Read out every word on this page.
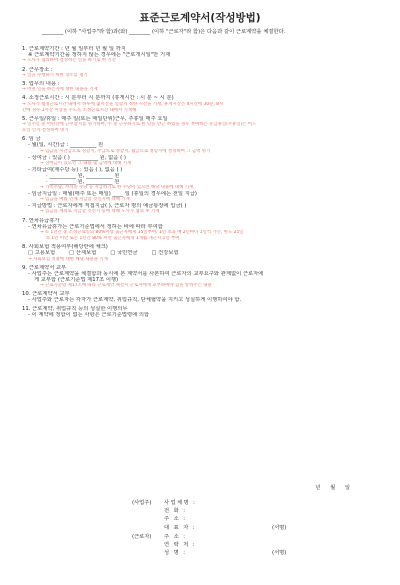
표준근로계약서(작성방법)
________ (이하 "사업주"라 함)과(와) ________ (이하 "근로자"라 함)은 다음과 같이 근로계약을 체결한다.
1. 근로계약기간 : 년 월 일부터 년 월 일 까지
※ 근로계약기간을 정하지 않는 경우에는 "근로개시일"만 기재
→ 노사가 협의하여 결정하는 일을 하기로 한 기간
2. 근무장소 :
→ 일을 수행하기 위한 장소를 명기
3. 업무의 내용 :
→ 어떤 일을 하는지에 대한 내용을 기재
4. 소정근로시간 : 시 분부터 시 분까지 (휴게시간 : 시 분 ~ 시 분)
→ 노사가 법정근로시간 내에서 하루에 몇시간을 일할지 정한 시간을 기재, 휴게시간은 4시간에 30분, 8시
간에 경우 1시간 이상을 주도록 소정근로시간 내에서 기재해
5. 근무일/휴일 : 매주 일(또는 매일단위)근무, 주휴일 매주 요일
→ 일주일 중 어떤날에 근무할지를 명기하며, 주 중 근무하기로 한 날을 만근 하였을 경우 부여하는 유급휴일(주휴일)은 어느
요일 인지 결정하여 명기
6. 임 금
- 월(일, 시간)급 : __________ 원
→ 임금을 시간급으로 정할지, 주급으로 정할지, 월급으로 정할지에 결정하여 그 금액 명기
- 상여금 : 있음 ( ) __________ 원, 없음 ( )
→ 상여금이 있으면 그 내용 및 금액에 대해 기재
- 기타급여(제수당 등) : 있음 ( ), 없음 ( )
· __________ 원, __________ 원
· __________ 원, __________ 원
→ 가족수당, 자격증 수당 등 지급하기로 한 수당이 있으면 해당 내용에 대해 기재
- 임금지급일 : 매월(매주 또는 매일) ____ 일 (휴일의 경우에는 전일 지급)
→ 임금을 매월 언제 지급할 것인지에 대해 기재
- 지급방법 : 근로자에게 직접지급( ), 근로자 명의 예금통장에 입금( )
→ 임금을 계좌로 지급할 것인지 등에 대해 노사가 협의 후 기재
7. 연차유급휴가
- 연차유급휴가는 근로기준법에서 정하는 바에 따라 부여함
→ ① 1년간 총 소정근로일의 80%이상 출근자에게 15일부여, 1년 초과 매 2년마다 1일씩 가산, 한도 25일
② 1년 미만 또는 1년간 80% 미만 출근자에게 1개월 개근시 1일 부여
8. 사회보험 적용여부(해당란에 체크)
□ 고용보험	□ 산재보험	□ 국민연금	□ 건강보험
→ 사회보험 적용에 대한 해당 내용을 기재
9. 근로계약서 교부
- 사업주는 근로계약을 체결함과 동시에 본 계약서를 사본하여 근로자의 교부요구와 관계없이 근로자에
게 교부함 (근로기준법 제17조 이행)
→ 근로기준법 제17조에 따라 근로계약 체결시 근로자에게 교부하여야 함을 알려주는 내용
10. 근로계약서 교부
- 사업주와 근로자는 각자가 근로계약, 취업규칙, 단체협약을 지키고 성실하게 이행하여야 함.
11. 근로계약, 취업규칙 등의 성실한 이행의무
- 이 계약에 정함이 없는 사항은 근로기준법령에 의함
년 월 일
(사업주) 사업체명 :
전 화 :
주 소 :
대 표 자 :	(서명)
(근로자) 주 소 :
연 락 처 :
성 명 :	(서명)
